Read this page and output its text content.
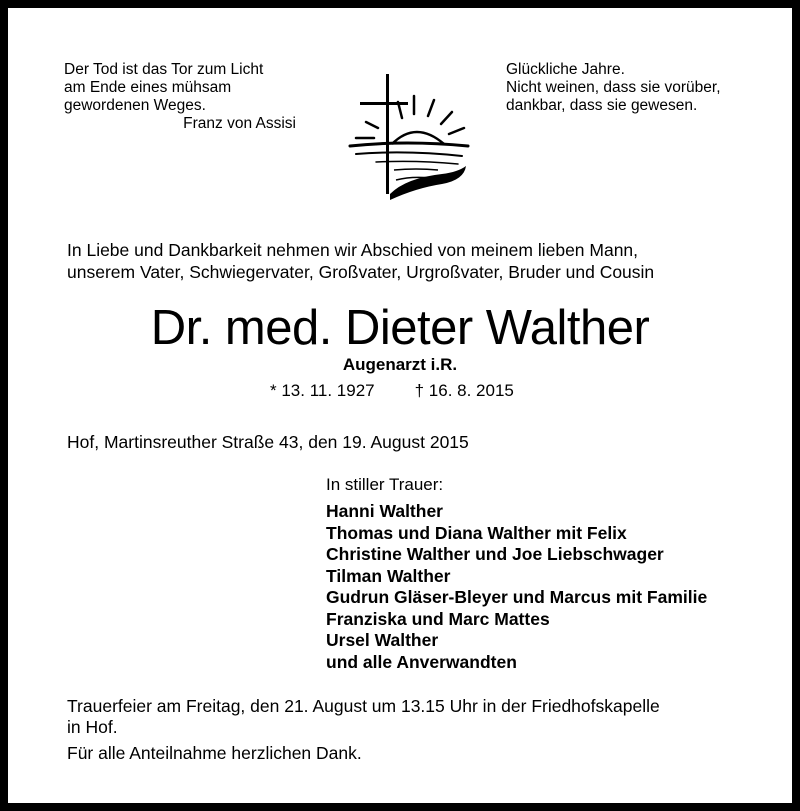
Der Tod ist das Tor zum Licht
am Ende eines mühsam
gewordenen Weges.
Franz von Assisi
Glückliche Jahre.
Nicht weinen, dass sie vorüber,
dankbar, dass sie gewesen.
In Liebe und Dankbarkeit nehmen wir Abschied von meinem lieben Mann,
unserem Vater, Schwiegervater, Großvater, Urgroßvater, Bruder und Cousin
Dr. med. Dieter Walther
Augenarzt i.R.
* 13. 11. 1927 † 16. 8. 2015
Hof, Martinsreuther Straße 43, den 19. August 2015
In stiller Trauer:
Hanni Walther
Thomas und Diana Walther mit Felix
Christine Walther und Joe Liebschwager
Tilman Walther
Gudrun Gläser-Bleyer und Marcus mit Familie
Franziska und Marc Mattes
Ursel Walther
und alle Anverwandten
Trauerfeier am Freitag, den 21. August um 13.15 Uhr in der Friedhofskapelle
in Hof.
Für alle Anteilnahme herzlichen Dank.
